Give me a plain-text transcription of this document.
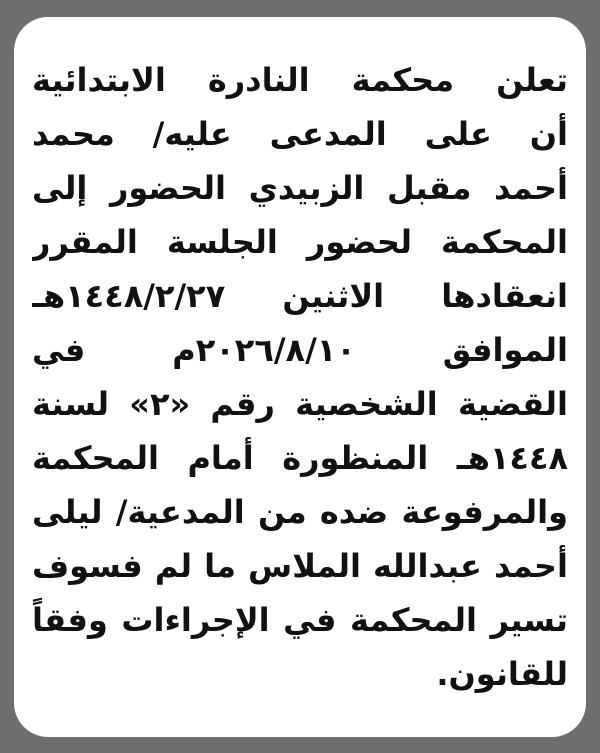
تعلن محكمة النادرة الابتدائية
أن على المدعى عليه/ محمد
أحمد مقبل الزبيدي الحضور إلى
المحكمة لحضور الجلسة المقرر
انعقادها الاثنين ١٤٤٨/٢/٢٧هـ
الموافق ٢٠٢٦/٨/١٠م في
القضية الشخصية رقم «٢» لسنة
١٤٤٨هـ المنظورة أمام المحكمة
والمرفوعة ضده من المدعية/ ليلى
أحمد عبدالله الملاس ما لم فسوف
تسير المحكمة في الإجراءات وفقاً
للقانون.
